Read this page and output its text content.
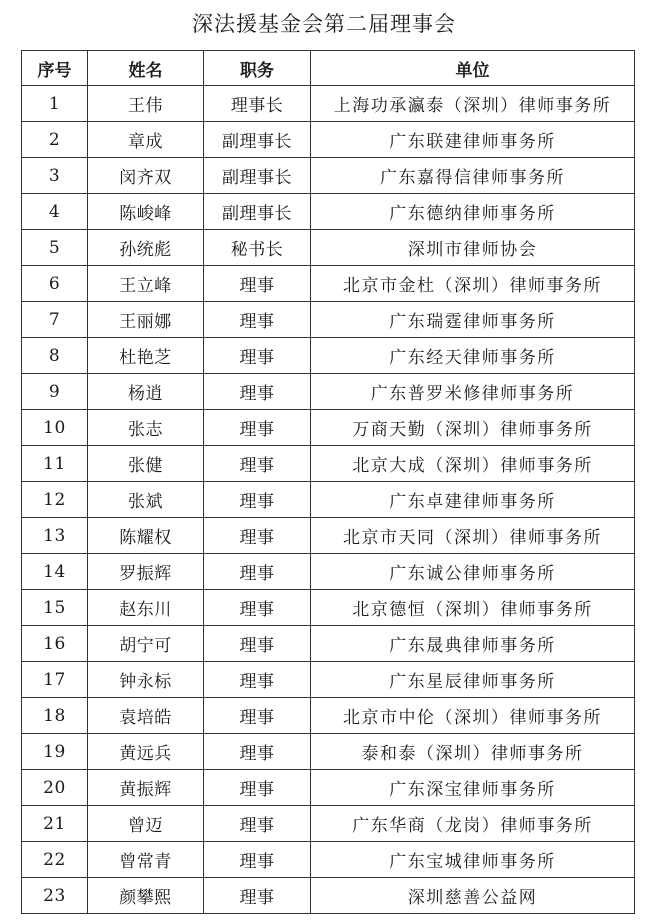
深法援基金会第二届理事会
序号	姓名	职务	单位
1	王伟	理事长	上海功承瀛泰（深圳）律师事务所
2	章成	副理事长	广东联建律师事务所
3	闵齐双	副理事长	广东嘉得信律师事务所
4	陈峻峰	副理事长	广东德纳律师事务所
5	孙统彪	秘书长	深圳市律师协会
6	王立峰	理事	北京市金杜（深圳）律师事务所
7	王丽娜	理事	广东瑞霆律师事务所
8	杜艳芝	理事	广东经天律师事务所
9	杨逍	理事	广东普罗米修律师事务所
10	张志	理事	万商天勤（深圳）律师事务所
11	张健	理事	北京大成（深圳）律师事务所
12	张斌	理事	广东卓建律师事务所
13	陈耀权	理事	北京市天同（深圳）律师事务所
14	罗振辉	理事	广东诚公律师事务所
15	赵东川	理事	北京德恒（深圳）律师事务所
16	胡宁可	理事	广东晟典律师事务所
17	钟永标	理事	广东星辰律师事务所
18	袁培皓	理事	北京市中伦（深圳）律师事务所
19	黄远兵	理事	泰和泰（深圳）律师事务所
20	黄振辉	理事	广东深宝律师事务所
21	曾迈	理事	广东华商（龙岗）律师事务所
22	曾常青	理事	广东宝城律师事务所
23	颜攀熙	理事	深圳慈善公益网
